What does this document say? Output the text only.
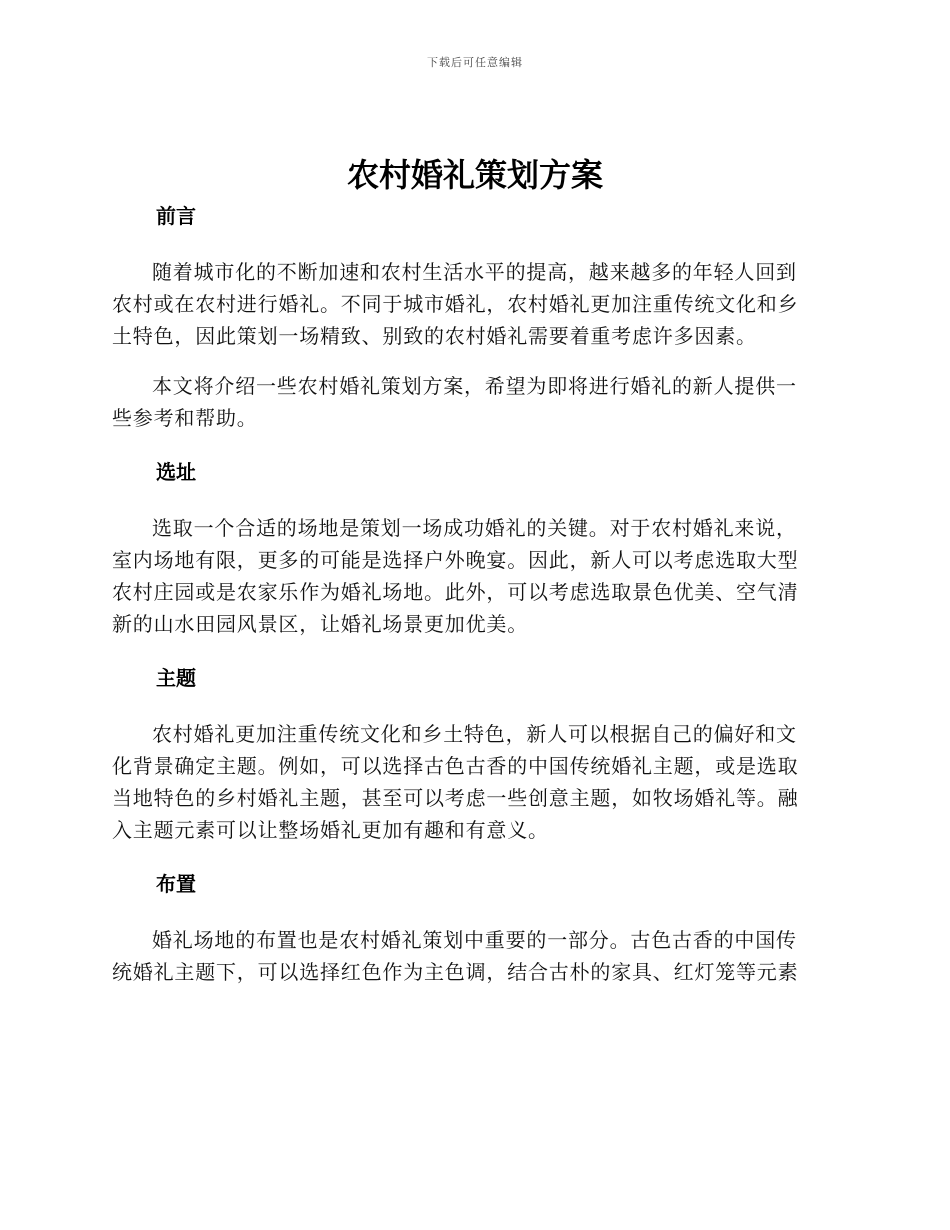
下载后可任意编辑
农村婚礼策划方案
前言

随着城市化的不断加速和农村生活水平的提高，越来越多的年轻人回到
农村或在农村进行婚礼。不同于城市婚礼，农村婚礼更加注重传统文化和乡
土特色，因此策划一场精致、别致的农村婚礼需要着重考虑许多因素。

本文将介绍一些农村婚礼策划方案，希望为即将进行婚礼的新人提供一
些参考和帮助。

选址

选取一个合适的场地是策划一场成功婚礼的关键。对于农村婚礼来说，
室内场地有限，更多的可能是选择户外晚宴。因此，新人可以考虑选取大型
农村庄园或是农家乐作为婚礼场地。此外，可以考虑选取景色优美、空气清
新的山水田园风景区，让婚礼场景更加优美。

主题

农村婚礼更加注重传统文化和乡土特色，新人可以根据自己的偏好和文
化背景确定主题。例如，可以选择古色古香的中国传统婚礼主题，或是选取
当地特色的乡村婚礼主题，甚至可以考虑一些创意主题，如牧场婚礼等。融
入主题元素可以让整场婚礼更加有趣和有意义。

布置

婚礼场地的布置也是农村婚礼策划中重要的一部分。古色古香的中国传
统婚礼主题下，可以选择红色作为主色调，结合古朴的家具、红灯笼等元素
